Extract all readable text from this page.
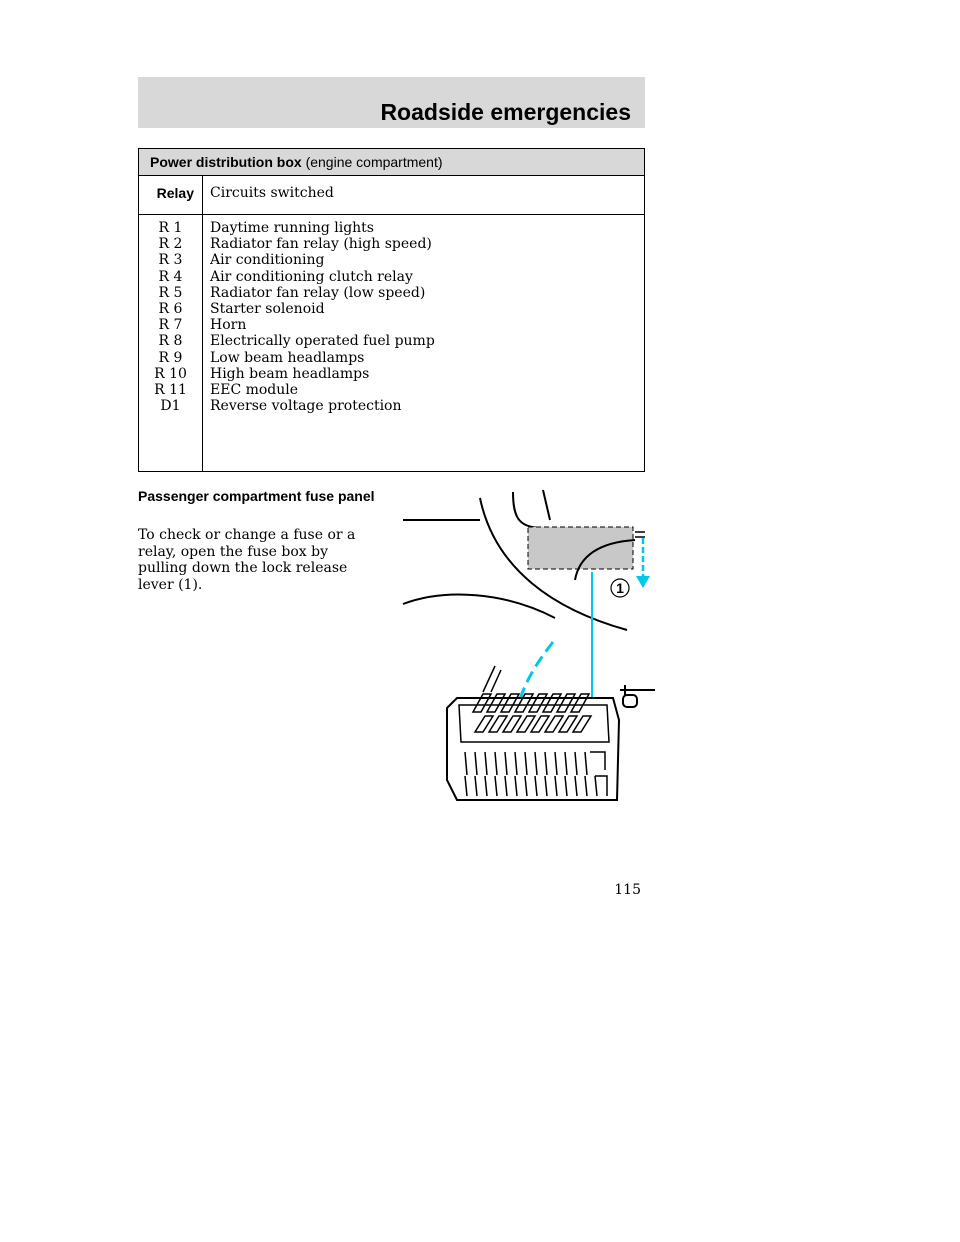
Roadside emergencies
Power distribution box (engine compartment)
Relay Circuits switched
R 1
R 2
R 3
R 4
R 5
R 6
R 7
R 8
R 9
R 10
R 11
D1
Daytime running lights
Radiator fan relay (high speed)
Air conditioning
Air conditioning clutch relay
Radiator fan relay (low speed)
Starter solenoid
Horn
Electrically operated fuel pump
Low beam headlamps
High beam headlamps
EEC module
Reverse voltage protection
Passenger compartment fuse panel

To check or change a fuse or a relay, open the fuse box by pulling down the lock release lever (1).	1
115
